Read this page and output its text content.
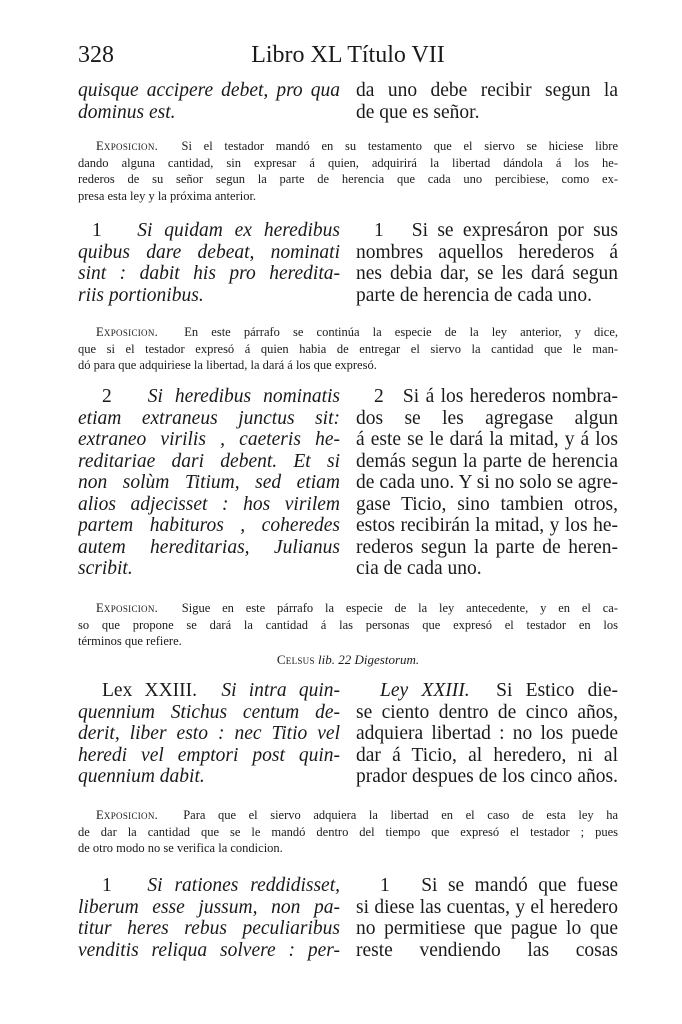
Libro XL Título VII
328
quisque accipere debet, pro qua
dominus est.
da uno debe recibir segun la
de que es señor.
Exposicion. Si el testador mandó en su testamento que el siervo se hiciese libre
dando alguna cantidad, sin expresar á quien, adquirirá la libertad dándola á los he-
rederos de su señor segun la parte de herencia que cada uno percibiese, como ex-
presa esta ley y la próxima anterior.
1 Si quidam ex heredibus
quibus dare debeat, nominati
sint : dabit his pro heredita-
riis portionibus.
1 Si se expresáron por sus
nombres aquellos herederos á
nes debia dar, se les dará segun
parte de herencia de cada uno.
Exposicion. En este párrafo se continúa la especie de la ley anterior, y dice,
que si el testador expresó á quien habia de entregar el siervo la cantidad que le man-
dó para que adquiriese la libertad, la dará á los que expresó.
2 Si heredibus nominatis
etiam extraneus junctus sit:
extraneo virilis , caeteris he-
reditariae dari debent. Et si
non solùm Titium, sed etiam
alios adjecisset : hos virilem
partem habituros , coheredes
autem hereditarias, Julianus
scribit.
2 Si á los herederos nombra-
dos se les agregase algun
á este se le dará la mitad, y á los
demás segun la parte de herencia
de cada uno. Y si no solo se agre-
gase Ticio, sino tambien otros,
estos recibirán la mitad, y los he-
rederos segun la parte de heren-
cia de cada uno.
Exposicion. Sigue en este párrafo la especie de la ley antecedente, y en el ca-
so que propone se dará la cantidad á las personas que expresó el testador en los
términos que refiere.
Celsus lib. 22 Digestorum.
Lex XXIII. Si intra quin-
quennium Stichus centum de-
derit, liber esto : nec Titio vel
heredi vel emptori post quin-
quennium dabit.
Ley XXIII. Si Estico die-
se ciento dentro de cinco años,
adquiera libertad : no los puede
dar á Ticio, al heredero, ni al
prador despues de los cinco años.
Exposicion. Para que el siervo adquiera la libertad en el caso de esta ley ha
de dar la cantidad que se le mandó dentro del tiempo que expresó el testador ; pues
de otro modo no se verifica la condicion.
1 Si rationes reddidisset,
liberum esse jussum, non pa-
titur heres rebus peculiaribus
venditis reliqua solvere : per-
1 Si se mandó que fuese
si diese las cuentas, y el heredero
no permitiese que pague lo que
reste vendiendo las cosas
